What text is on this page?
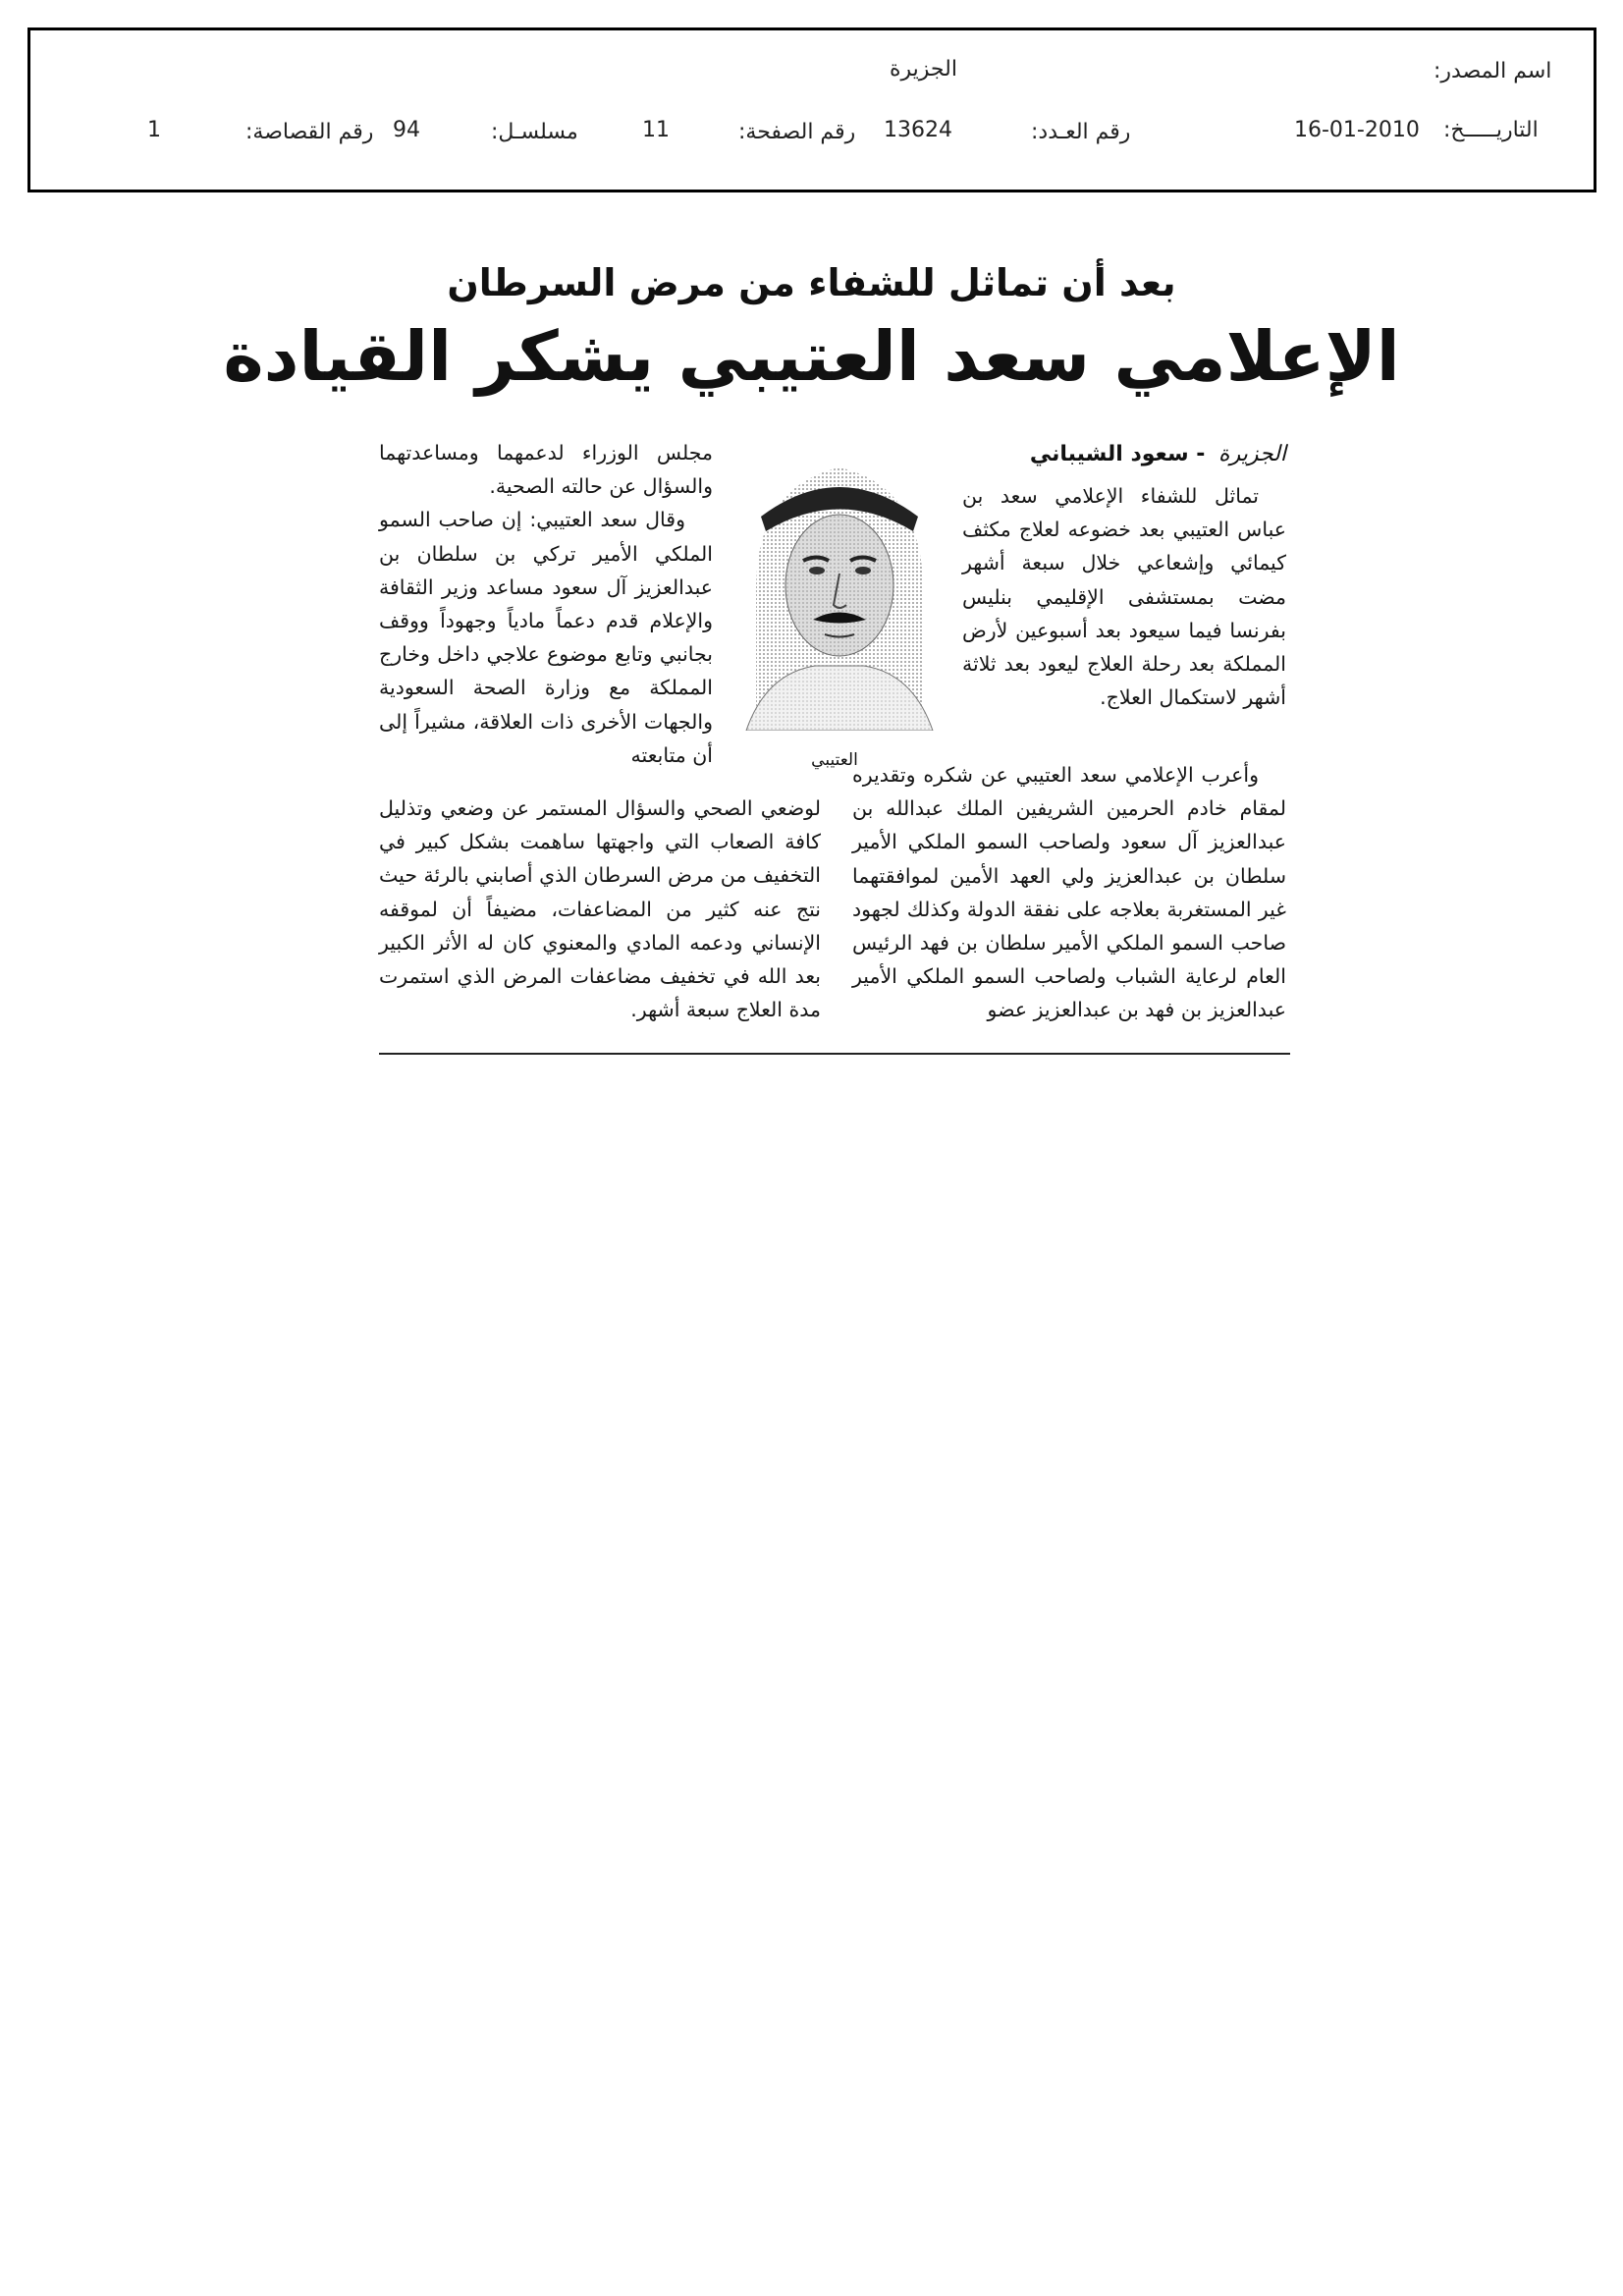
اسم المصدر:
الجزيرة
التاريـــــخ:
16-01-2010
رقم العـدد:
13624
رقم الصفحة:
11
مسلسـل:
94
رقم القصاصة:
1
بعد أن تماثل للشفاء من مرض السرطان
الإعلامي سعد العتيبي يشكر القيادة
الجزيرة - سعود الشيباني

تماثل للشفاء الإعلامي سعد بن عباس العتيبي بعد خضوعه لعلاج مكثف كيمائي وإشعاعي خلال سبعة أشهر مضت بمستشفى الإقليمي بنليس بفرنسا فيما سيعود بعد أسبوعين لأرض المملكة بعد رحلة العلاج ليعود بعد ثلاثة أشهر لاستكمال العلاج.

وأعرب الإعلامي سعد العتيبي عن شكره وتقديره لمقام خادم الحرمين الشريفين الملك عبدالله بن عبدالعزيز آل سعود ولصاحب السمو الملكي الأمير سلطان بن عبدالعزيز ولي العهد الأمين لموافقتهما غير المستغربة بعلاجه على نفقة الدولة وكذلك لجهود صاحب السمو الملكي الأمير سلطان بن فهد الرئيس العام لرعاية الشباب ولصاحب السمو الملكي الأمير عبدالعزيز بن فهد بن عبدالعزيز عضو

العتيبي

مجلس الوزراء لدعمهما ومساعدتهما والسؤال عن حالته الصحية.

وقال سعد العتيبي: إن صاحب السمو الملكي الأمير تركي بن سلطان بن عبدالعزيز آل سعود مساعد وزير الثقافة والإعلام قدم دعماً مادياً وجهوداً ووقف بجانبي وتابع موضوع علاجي داخل وخارج المملكة مع وزارة الصحة السعودية والجهات الأخرى ذات العلاقة، مشيراً إلى أن متابعته

لوضعي الصحي والسؤال المستمر عن وضعي وتذليل كافة الصعاب التي واجهتها ساهمت بشكل كبير في التخفيف من مرض السرطان الذي أصابني بالرئة حيث نتج عنه كثير من المضاعفات، مضيفاً أن لموقفه الإنساني ودعمه المادي والمعنوي كان له الأثر الكبير بعد الله في تخفيف مضاعفات المرض الذي استمرت مدة العلاج سبعة أشهر.
